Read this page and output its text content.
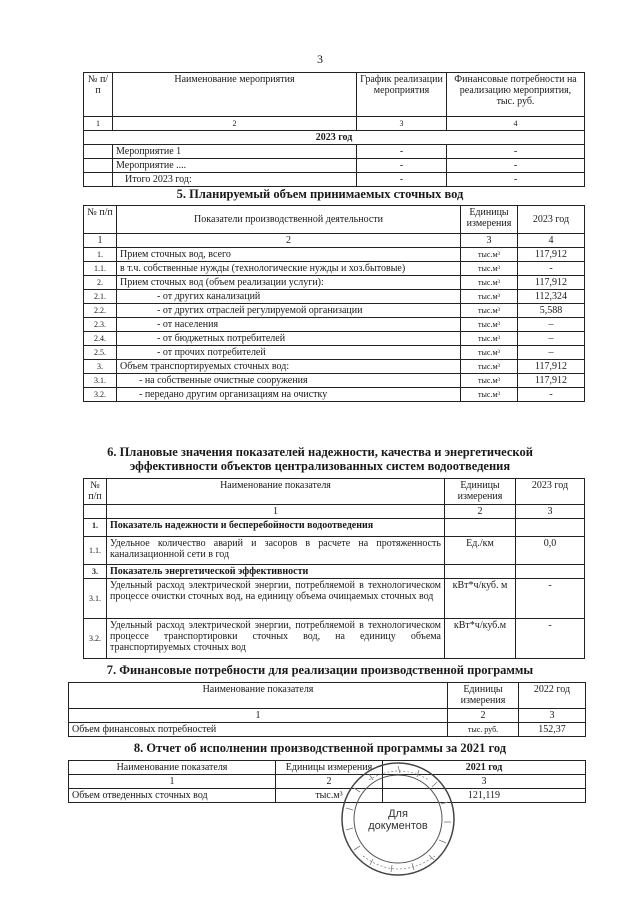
3
№ п/п	Наименование мероприятия	График реализации мероприятия	Финансовые потребности на реализацию мероприятия, тыс. руб.
1	2	3	4
2023 год			
	Мероприятие 1	-	-
	Мероприятие ....	-	-
	Итого 2023 год:	-	-
5. Планируемый объем принимаемых сточных вод
№ п/п	Показатели производственной деятельности	Единицы измерения	2023 год
1	2	3	4
1.	Прием сточных вод, всего	тыс.м³	117,912
1.1.	в т.ч. собственные нужды (технологические нужды и хоз.бытовые)	тыс.м³	-
2.	Прием сточных вод (объем реализации услуги):	тыс.м³	117,912
2.1.	- от других канализаций	тыс.м³	112,324
2.2.	- от других отраслей регулируемой организации	тыс.м³	5,588
2.3.	- от населения	тыс.м³	–
2.4.	- от бюджетных потребителей	тыс.м³	–
2.5.	- от прочих потребителей	тыс.м³	–
3.	Объем транспортируемых сточных вод:	тыс.м³	117,912
3.1.	- на собственные очистные сооружения	тыс.м³	117,912
3.2.	- передано другим организациям на очистку	тыс.м³	-
6. Плановые значения показателей надежности, качества и энергетической
эффективности объектов централизованных систем водоотведения
№ п/п	Наименование показателя	Единицы измерения	2023 год
	1	2	3
1.	Показатель надежности и бесперебойности водоотведения		
1.1.	Удельное количество аварий и засоров в расчете на протяженность канализационной сети в год	Ед./км	0,0
3.	Показатель энергетической эффективности		
3.1.	Удельный расход электрической энергии, потребляемой в технологическом процессе очистки сточных вод, на единицу объема очищаемых сточных вод	кВт*ч/куб. м	-
3.2.	Удельный расход электрической энергии, потребляемой в технологическом процессе транспортировки сточных вод, на единицу объема транспортируемых сточных вод	кВт*ч/куб.м	-
7. Финансовые потребности для реализации производственной программы
Наименование показателя	Единицы измерения	2022 год
1	2	3
Объем финансовых потребностей	тыс. руб.	152,37
8. Отчет об исполнении производственной программы за 2021 год
Наименование показателя	Единицы измерения	2021 год
1	2	3
Объем отведенных сточных вод	тыс.м³	121,119
Для
документов
